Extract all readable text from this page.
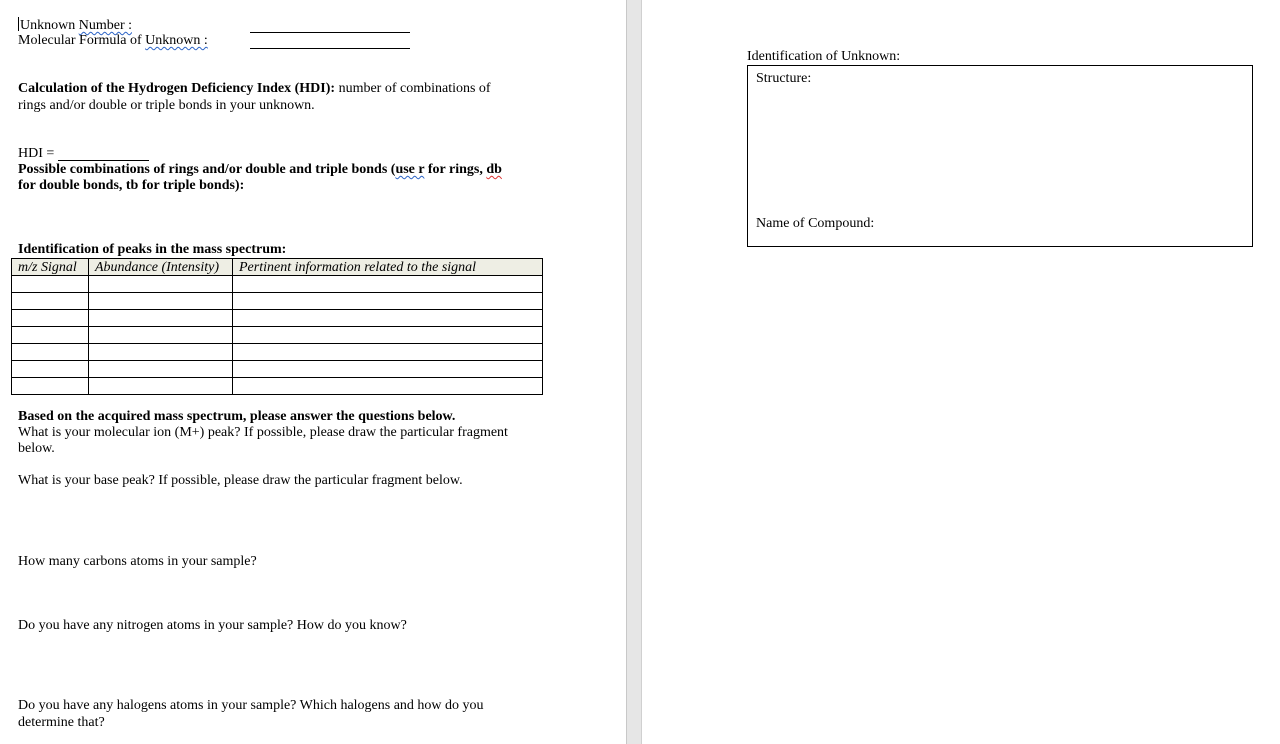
Unknown Number :
Molecular Formula of Unknown :
Calculation of the Hydrogen Deficiency Index (HDI): number of combinations of
rings and/or double or triple bonds in your unknown.
HDI =
Possible combinations of rings and/or double and triple bonds (use r for rings, db
for double bonds, tb for triple bonds):
Identification of peaks in the mass spectrum:
m/z Signal	Abundance (Intensity)	Pertinent information related to the signal

Based on the acquired mass spectrum, please answer the questions below.
What is your molecular ion (M+) peak? If possible, please draw the particular fragment
below.
What is your base peak? If possible, please draw the particular fragment below.
How many carbons atoms in your sample?
Do you have any nitrogen atoms in your sample? How do you know?
Do you have any halogens atoms in your sample? Which halogens and how do you
determine that?
Identification of Unknown:
Structure:
Name of Compound:
